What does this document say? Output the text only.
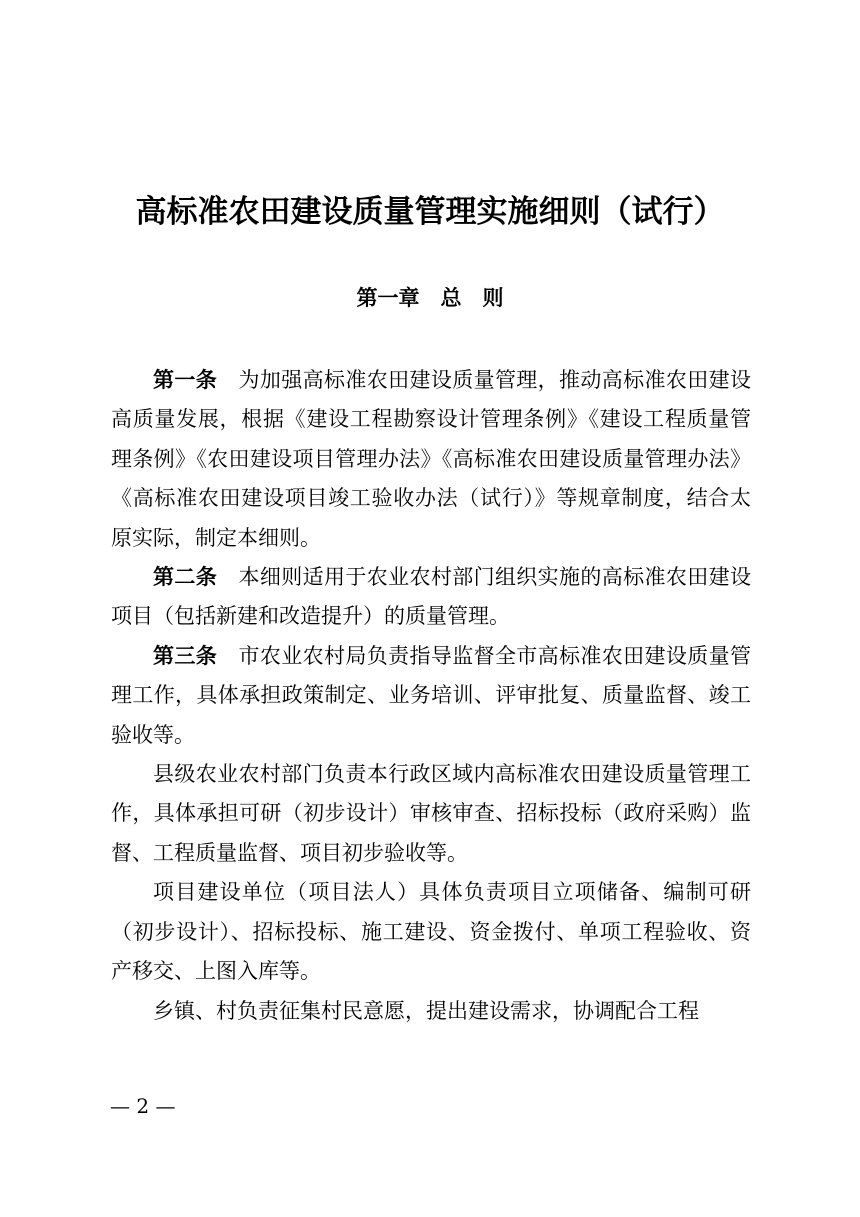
高标准农田建设质量管理实施细则（试行）
第一章　总　则

第一条 为加强高标准农田建设质量管理，推动高标准农田建设高质量发展，根据《建设工程勘察设计管理条例》《建设工程质量管理条例》《农田建设项目管理办法》《高标准农田建设质量管理办法》《高标准农田建设项目竣工验收办法（试行）》等规章制度，结合太原实际，制定本细则。

第二条 本细则适用于农业农村部门组织实施的高标准农田建设项目（包括新建和改造提升）的质量管理。

第三条 市农业农村局负责指导监督全市高标准农田建设质量管理工作，具体承担政策制定、业务培训、评审批复、质量监督、竣工验收等。

县级农业农村部门负责本行政区域内高标准农田建设质量管理工作，具体承担可研（初步设计）审核审查、招标投标（政府采购）监督、工程质量监督、项目初步验收等。

项目建设单位（项目法人）具体负责项目立项储备、编制可研（初步设计）、招标投标、施工建设、资金拨付、单项工程验收、资产移交、上图入库等。

乡镇、村负责征集村民意愿，提出建设需求，协调配合工程

— 2 —
